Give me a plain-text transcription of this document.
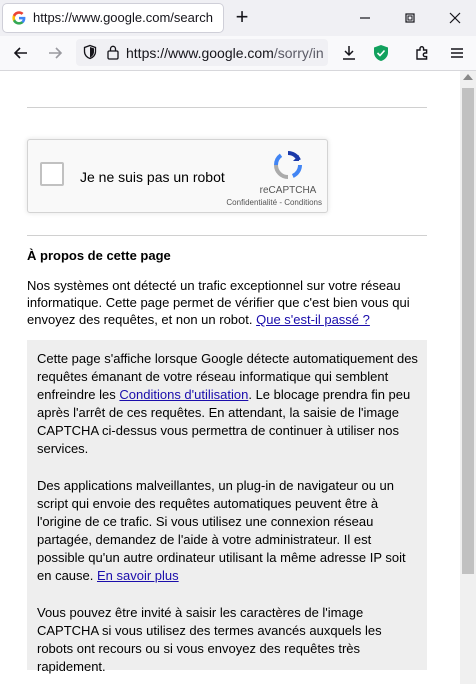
https://www.google.com/search +
https://www.google.com/sorry/in
Je ne suis pas un robot
reCAPTCHA
Confidentialité - Conditions
À propos de cette page
Nos systèmes ont détecté un trafic exceptionnel sur votre réseau informatique. Cette page permet de vérifier que c'est bien vous qui envoyez des requêtes, et non un robot. Que s'est-il passé ?

Cette page s'affiche lorsque Google détecte automatiquement des requêtes émanant de votre réseau informatique qui semblent enfreindre les Conditions d'utilisation. Le blocage prendra fin peu après l'arrêt de ces requêtes. En attendant, la saisie de l'image CAPTCHA ci-dessus vous permettra de continuer à utiliser nos services.

Des applications malveillantes, un plug-in de navigateur ou un script qui envoie des requêtes automatiques peuvent être à l'origine de ce trafic. Si vous utilisez une connexion réseau partagée, demandez de l'aide à votre administrateur. Il est possible qu'un autre ordinateur utilisant la même adresse IP soit en cause. En savoir plus

Vous pouvez être invité à saisir les caractères de l'image CAPTCHA si vous utilisez des termes avancés auxquels les robots ont recours ou si vous envoyez des requêtes très rapidement.
